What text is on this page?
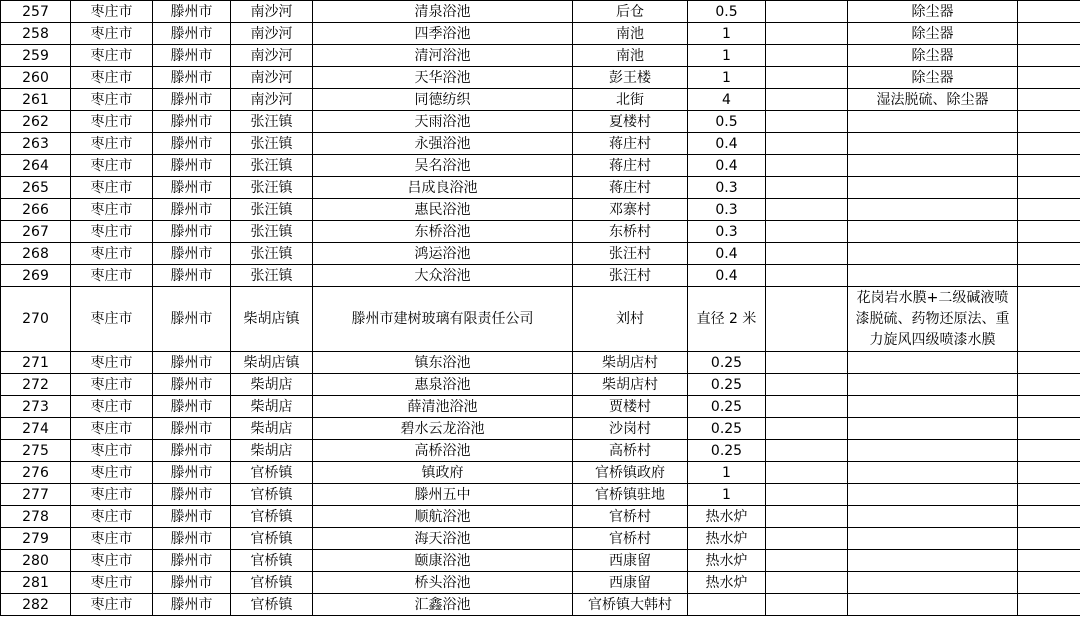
257	枣庄市	滕州市	南沙河	清泉浴池	后仓	0.5		除尘器	
258	枣庄市	滕州市	南沙河	四季浴池	南池	1		除尘器	
259	枣庄市	滕州市	南沙河	清河浴池	南池	1		除尘器	
260	枣庄市	滕州市	南沙河	天华浴池	彭王楼	1		除尘器	
261	枣庄市	滕州市	南沙河	同德纺织	北街	4		湿法脱硫、除尘器	
262	枣庄市	滕州市	张汪镇	天雨浴池	夏楼村	0.5			
263	枣庄市	滕州市	张汪镇	永强浴池	蒋庄村	0.4			
264	枣庄市	滕州市	张汪镇	吴名浴池	蒋庄村	0.4			
265	枣庄市	滕州市	张汪镇	吕成良浴池	蒋庄村	0.3			
266	枣庄市	滕州市	张汪镇	惠民浴池	邓寨村	0.3			
267	枣庄市	滕州市	张汪镇	东桥浴池	东桥村	0.3			
268	枣庄市	滕州市	张汪镇	鸿运浴池	张汪村	0.4			
269	枣庄市	滕州市	张汪镇	大众浴池	张汪村	0.4			
270	枣庄市	滕州市	柴胡店镇	滕州市建树玻璃有限责任公司	刘村	直径 2 米		花岗岩水膜+二级碱液喷漆脱硫、药物还原法、重力旋风四级喷漆水膜	
271	枣庄市	滕州市	柴胡店镇	镇东浴池	柴胡店村	0.25			
272	枣庄市	滕州市	柴胡店	惠泉浴池	柴胡店村	0.25			
273	枣庄市	滕州市	柴胡店	薛清池浴池	贾楼村	0.25			
274	枣庄市	滕州市	柴胡店	碧水云龙浴池	沙岗村	0.25			
275	枣庄市	滕州市	柴胡店	高桥浴池	高桥村	0.25			
276	枣庄市	滕州市	官桥镇	镇政府	官桥镇政府	1			
277	枣庄市	滕州市	官桥镇	滕州五中	官桥镇驻地	1			
278	枣庄市	滕州市	官桥镇	顺航浴池	官桥村	热水炉			
279	枣庄市	滕州市	官桥镇	海天浴池	官桥村	热水炉			
280	枣庄市	滕州市	官桥镇	颐康浴池	西康留	热水炉			
281	枣庄市	滕州市	官桥镇	桥头浴池	西康留	热水炉			
282	枣庄市	滕州市	官桥镇	汇鑫浴池	官桥镇大韩村				
